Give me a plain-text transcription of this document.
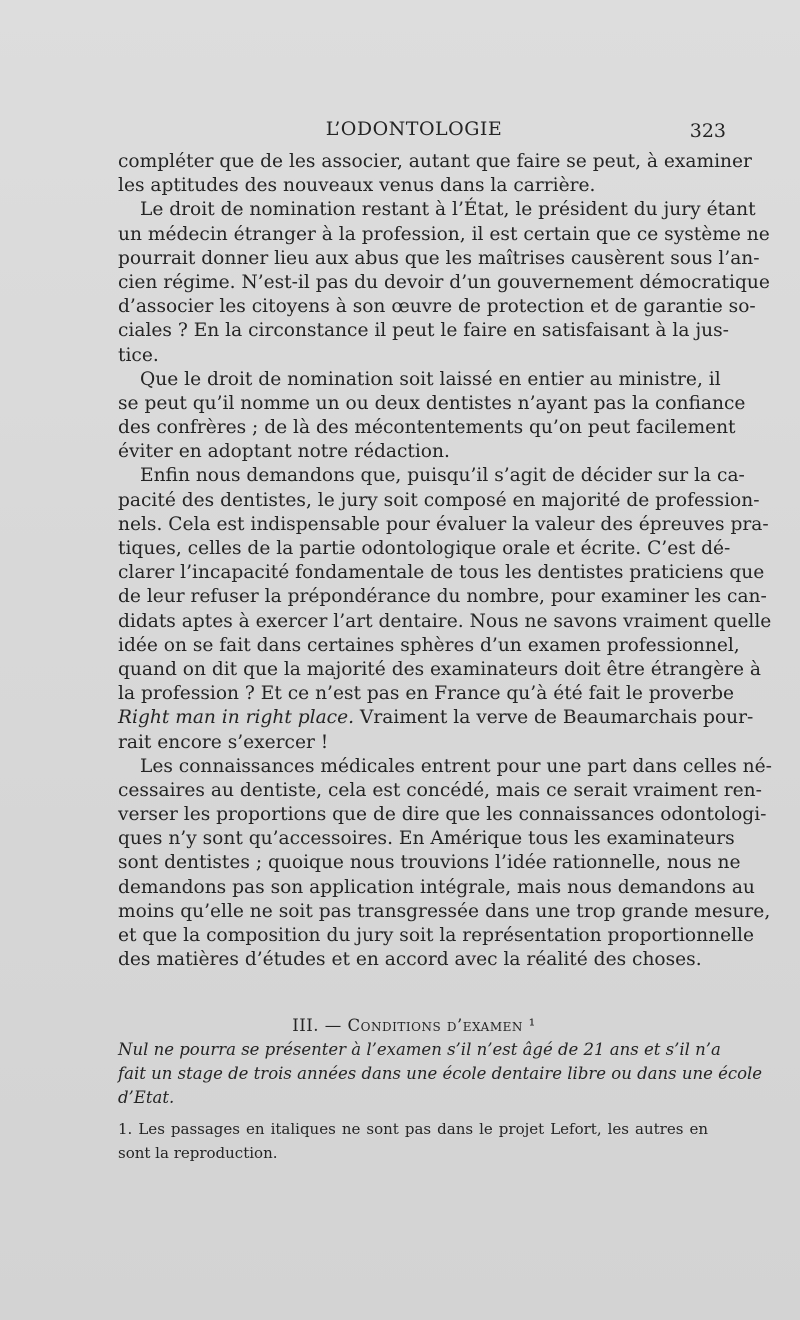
L’ODONTOLOGIE	323
compléter que de les associer, autant que faire se peut, à examiner
les aptitudes des nouveaux venus dans la carrière.
Le droit de nomination restant à l’État, le président du jury étant
un médecin étranger à la profession, il est certain que ce système ne
pourrait donner lieu aux abus que les maîtrises causèrent sous l’an-
cien régime. N’est-il pas du devoir d’un gouvernement démocratique
d’associer les citoyens à son œuvre de protection et de garantie so-
ciales ? En la circonstance il peut le faire en satisfaisant à la jus-
tice.
Que le droit de nomination soit laissé en entier au ministre, il
se peut qu’il nomme un ou deux dentistes n’ayant pas la confiance
des confrères ; de là des mécontentements qu’on peut facilement
éviter en adoptant notre rédaction.
Enfin nous demandons que, puisqu’il s’agit de décider sur la ca-
pacité des dentistes, le jury soit composé en majorité de profession-
nels. Cela est indispensable pour évaluer la valeur des épreuves pra-
tiques, celles de la partie odontologique orale et écrite. C’est dé-
clarer l’incapacité fondamentale de tous les dentistes praticiens que
de leur refuser la prépondérance du nombre, pour examiner les can-
didats aptes à exercer l’art dentaire. Nous ne savons vraiment quelle
idée on se fait dans certaines sphères d’un examen professionnel,
quand on dit que la majorité des examinateurs doit être étrangère à
la profession ? Et ce n’est pas en France qu’à été fait le proverbe
Right man in right place. Vraiment la verve de Beaumarchais pour-
rait encore s’exercer !
Les connaissances médicales entrent pour une part dans celles né-
cessaires au dentiste, cela est concédé, mais ce serait vraiment ren-
verser les proportions que de dire que les connaissances odontologi-
ques n’y sont qu’accessoires. En Amérique tous les examinateurs
sont dentistes ; quoique nous trouvions l’idée rationnelle, nous ne
demandons pas son application intégrale, mais nous demandons au
moins qu’elle ne soit pas transgressée dans une trop grande mesure,
et que la composition du jury soit la représentation proportionnelle
des matières d’études et en accord avec la réalité des choses.
III. — Conditions d’examen ¹
Nul ne pourra se présenter à l’examen s’il n’est âgé de 21 ans et s’il n’a
fait un stage de trois années dans une école dentaire libre ou dans une école
d’Etat.
1. Les passages en italiques ne sont pas dans le projet Lefort, les autres en
sont la reproduction.
